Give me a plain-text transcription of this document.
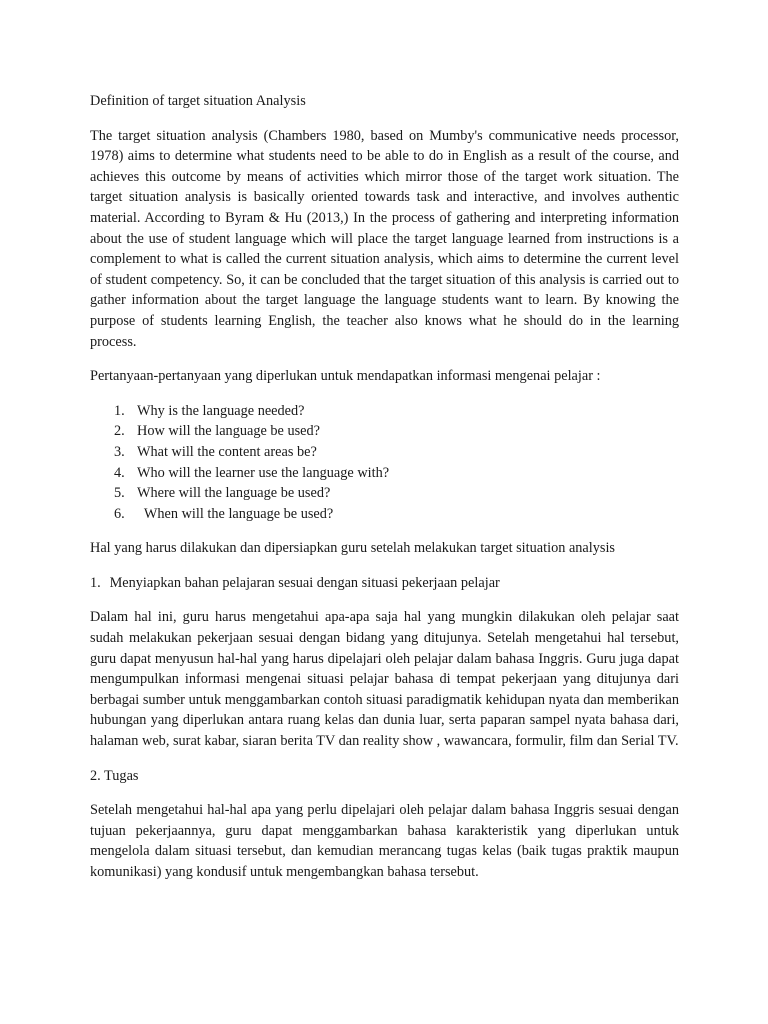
Definition of target situation Analysis

The target situation analysis (Chambers 1980, based on Mumby's communicative needs processor, 1978) aims to determine what students need to be able to do in English as a result of the course, and achieves this outcome by means of activities which mirror those of the target work situation. The target situation analysis is basically oriented towards task and interactive, and involves authentic material. According to Byram & Hu (2013,) In the process of gathering and interpreting information about the use of student language which will place the target language learned from instructions is a complement to what is called the current situation analysis, which aims to determine the current level of student competency. So, it can be concluded that the target situation of this analysis is carried out to gather information about the target language the language students want to learn. By knowing the purpose of students learning English, the teacher also knows what he should do in the learning process.

Pertanyaan-pertanyaan yang diperlukan untuk mendapatkan informasi mengenai pelajar :

1. Why is the language needed?
2. How will the language be used?
3. What will the content areas be?
4. Who will the learner use the language with?
5. Where will the language be used?
6. When will the language be used?

Hal yang harus dilakukan dan dipersiapkan guru setelah melakukan target situation analysis

1. Menyiapkan bahan pelajaran sesuai dengan situasi pekerjaan pelajar

Dalam hal ini, guru harus mengetahui apa-apa saja hal yang mungkin dilakukan oleh pelajar saat sudah melakukan pekerjaan sesuai dengan bidang yang ditujunya. Setelah mengetahui hal tersebut, guru dapat menyusun hal-hal yang harus dipelajari oleh pelajar dalam bahasa Inggris. Guru juga dapat mengumpulkan informasi mengenai situasi pelajar bahasa di tempat pekerjaan yang ditujunya dari berbagai sumber untuk menggambarkan contoh situasi paradigmatik kehidupan nyata dan memberikan hubungan yang diperlukan antara ruang kelas dan dunia luar, serta paparan sampel nyata bahasa dari, halaman web, surat kabar, siaran berita TV dan reality show , wawancara, formulir, film dan Serial TV.

2. Tugas

Setelah mengetahui hal-hal apa yang perlu dipelajari oleh pelajar dalam bahasa Inggris sesuai dengan tujuan pekerjaannya, guru dapat menggambarkan bahasa karakteristik yang diperlukan untuk mengelola dalam situasi tersebut, dan kemudian merancang tugas kelas (baik tugas praktik maupun komunikasi) yang kondusif untuk mengembangkan bahasa tersebut.
